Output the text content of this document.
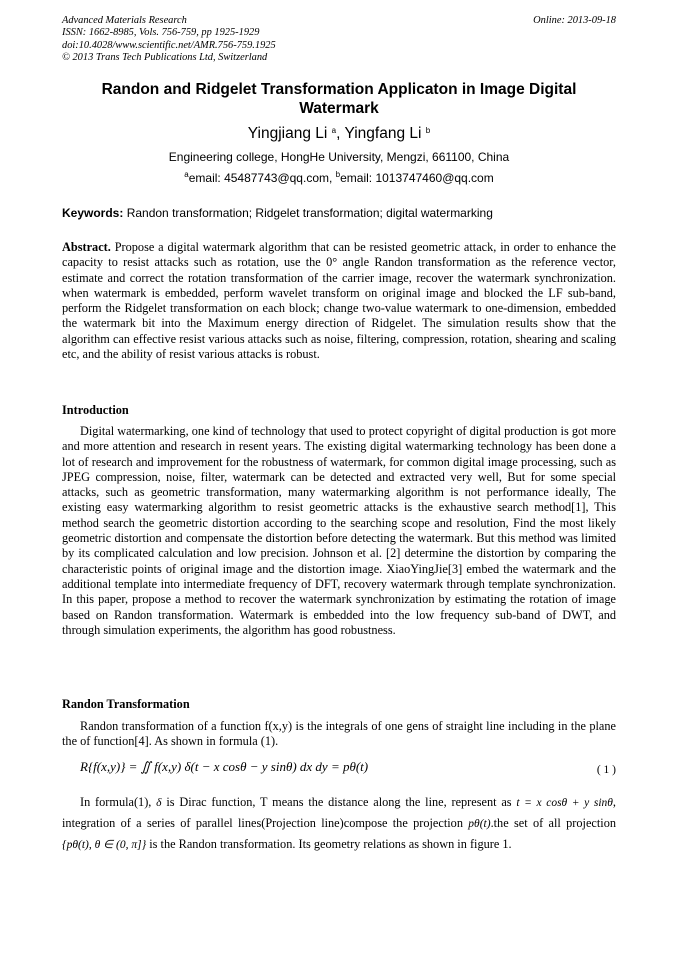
Advanced Materials Research
ISSN: 1662-8985, Vols. 756-759, pp 1925-1929
doi:10.4028/www.scientific.net/AMR.756-759.1925
© 2013 Trans Tech Publications Ltd, Switzerland
Online: 2013-09-18
Randon and Ridgelet Transformation Applicaton in Image Digital Watermark
Yingjiang Li $^a$, Yingfang Li $^b$
Engineering college, HongHe University, Mengzi, 661100, China
$^a$email: 45487743@qq.com, $^b$email: 1013747460@qq.com
Keywords: Randon transformation; Ridgelet transformation; digital watermarking
Abstract. Propose a digital watermark algorithm that can be resisted geometric attack, in order to enhance the capacity to resist attacks such as rotation, use the 0° angle Randon transformation as the reference vector, estimate and correct the rotation transformation of the carrier image, recover the watermark synchronization. when watermark is embedded, perform wavelet transform on original image and blocked the LF sub-band, perform the Ridgelet transformation on each block; change two-value watermark to one-dimension, embedded the watermark bit into the Maximum energy direction of Ridgelet. The simulation results show that the algorithm can effective resist various attacks such as noise, filtering, compression, rotation, shearing and scaling etc, and the ability of resist various attacks is robust.
Introduction
Digital watermarking, one kind of technology that used to protect copyright of digital production is got more and more attention and research in resent years. The existing digital watermarking technology has been done a lot of research and improvement for the robustness of watermark, for common digital image processing, such as JPEG compression, noise, filter, watermark can be detected and extracted very well, But for some special attacks, such as geometric transformation, many watermarking algorithm is not performance ideally, The existing easy watermarking algorithm to resist geometric attacks is the exhaustive search method[1], This method search the geometric distortion according to the searching scope and resolution, Find the most likely geometric distortion and compensate the distortion before detecting the watermark. But this method was limited by its complicated calculation and low precision. Johnson et al. [2] determine the distortion by comparing the characteristic points of original image and the distortion image. XiaoYingJie[3] embed the watermark and the additional template into intermediate frequency of DFT, recovery watermark through template synchronization. In this paper, propose a method to recover the watermark synchronization by estimating the rotation of image based on Randon transformation. Watermark is embedded into the low frequency sub-band of DWT, and through simulation experiments, the algorithm has good robustness.
Randon Transformation
Randon transformation of a function f(x,y) is the integrals of one gens of straight line including in the plane the of function[4]. As shown in formula (1).
R{f(x,y)} = ∬ f(x,y) δ(t − x cosθ − y sinθ) dx dy = pθ(t)	( 1 )
In formula(1), δ is Dirac function, T means the distance along the line, represent as t = x cosθ + y sinθ, integration of a series of parallel lines(Projection line)compose the projection pθ(t).the set of all projection {pθ(t), θ ∈ (0, π]} is the Randon transformation. Its geometry relations as shown in figure 1.
